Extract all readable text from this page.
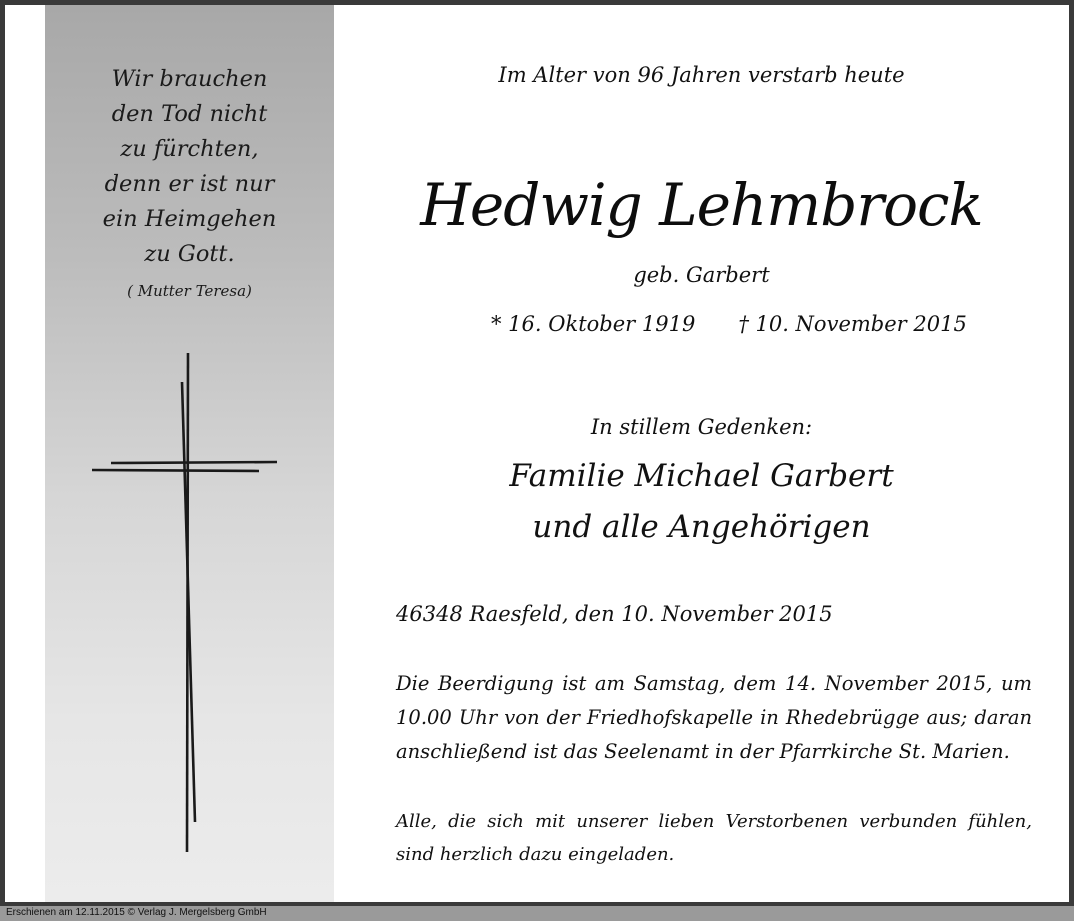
Wir brauchen
den Tod nicht
zu fürchten,
denn er ist nur
ein Heimgehen
zu Gott.
( Mutter Teresa)
Im Alter von 96 Jahren verstarb heute
Hedwig Lehmbrock
geb. Garbert
* 16. Oktober 1919 † 10. November 2015
In stillem Gedenken:
Familie Michael Garbert
und alle Angehörigen
46348 Raesfeld, den 10. November 2015
Die Beerdigung ist am Samstag, dem 14. November 2015, um 10.00 Uhr von der Friedhofskapelle in Rhedebrügge aus; daran anschließend ist das Seelenamt in der Pfarrkirche St. Marien.
Alle, die sich mit unserer lieben Verstorbenen verbunden fühlen, sind herzlich dazu eingeladen.
Erschienen am 12.11.2015 © Verlag J. Mergelsberg GmbH
